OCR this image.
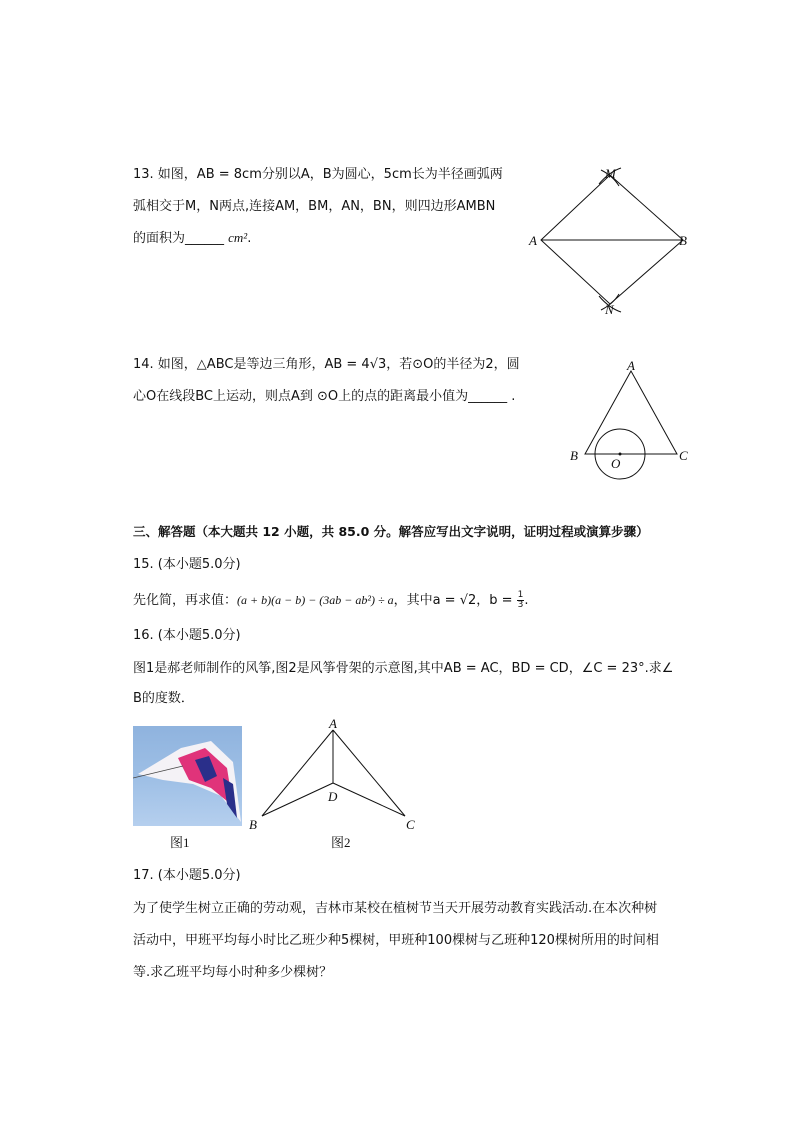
13. 如图，AB = 8cm分别以A，B为圆心，5cm长为半径画弧两
弧相交于M，N两点,连接AM，BM，AN，BN，则四边形AMBN
的面积为______ cm².
M
A	B
N
14. 如图，△ABC是等边三角形，AB = 4√3，若⊙O的半径为2，圆
心O在线段BC上运动，则点A到 ⊙O上的点的距离最小值为______ .
A
B	C
O
三、解答题（本大题共 12 小题，共 85.0 分。解答应写出文字说明，证明过程或演算步骤）
15. (本小题5.0分)
先化简，再求值：(a + b)(a − b) − (3ab − ab²) ÷ a，其中a = √2，$b = \frac{1}{3}$ .
16. (本小题5.0分)
图1是郝老师制作的风筝,图2是风筝骨架的示意图,其中AB = AC，BD = CD，∠C = 23°.求∠
B的度数．
图1
A
B	C
D
图2
17. (本小题5.0分)
为了使学生树立正确的劳动观，吉林市某校在植树节当天开展劳动教育实践活动.在本次种树
活动中，甲班平均每小时比乙班少种5棵树，甲班种100棵树与乙班种120棵树所用的时间相
等.求乙班平均每小时种多少棵树？
